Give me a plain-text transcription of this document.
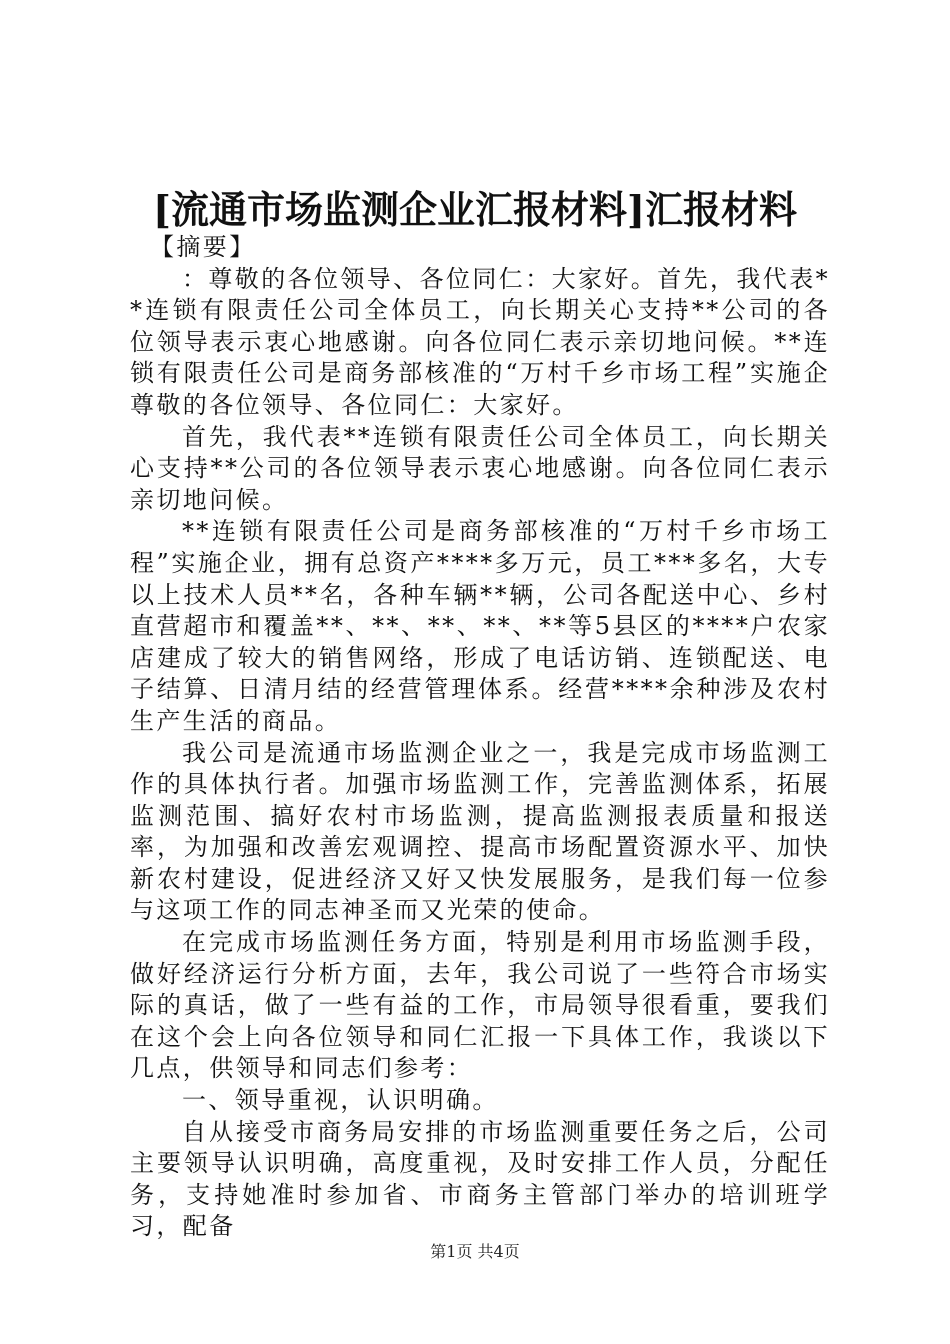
[流通市场监测企业汇报材料]汇报材料

【摘要】

：尊敬的各位领导、各位同仁：大家好。首先，我代表**连锁有限责任公司全体员工，向长期关心支持**公司的各位领导表示衷心地感谢。向各位同仁表示亲切地问候。**连锁有限责任公司是商务部核准的“万村千乡市场工程”实施企尊敬的各位领导、各位同仁：大家好。

首先，我代表**连锁有限责任公司全体员工，向长期关心支持**公司的各位领导表示衷心地感谢。向各位同仁表示亲切地问候。

**连锁有限责任公司是商务部核准的“万村千乡市场工程”实施企业，拥有总资产****多万元，员工***多名，大专以上技术人员**名，各种车辆**辆，公司各配送中心、乡村直营超市和覆盖**、**、**、**、**等5县区的****户农家店建成了较大的销售网络，形成了电话访销、连锁配送、电子结算、日清月结的经营管理体系。经营****余种涉及农村生产生活的商品。

我公司是流通市场监测企业之一，我是完成市场监测工作的具体执行者。加强市场监测工作，完善监测体系，拓展监测范围、搞好农村市场监测，提高监测报表质量和报送率，为加强和改善宏观调控、提高市场配置资源水平、加快新农村建设，促进经济又好又快发展服务，是我们每一位参与这项工作的同志神圣而又光荣的使命。

在完成市场监测任务方面，特别是利用市场监测手段，做好经济运行分析方面，去年，我公司说了一些符合市场实际的真话，做了一些有益的工作，市局领导很看重，要我们在这个会上向各位领导和同仁汇报一下具体工作，我谈以下几点，供领导和同志们参考：

一、领导重视，认识明确。

自从接受市商务局安排的市场监测重要任务之后，公司主要领导认识明确，高度重视，及时安排工作人员，分配任务，支持她准时参加省、市商务主管部门举办的培训班学习，配备

第1页 共4页
